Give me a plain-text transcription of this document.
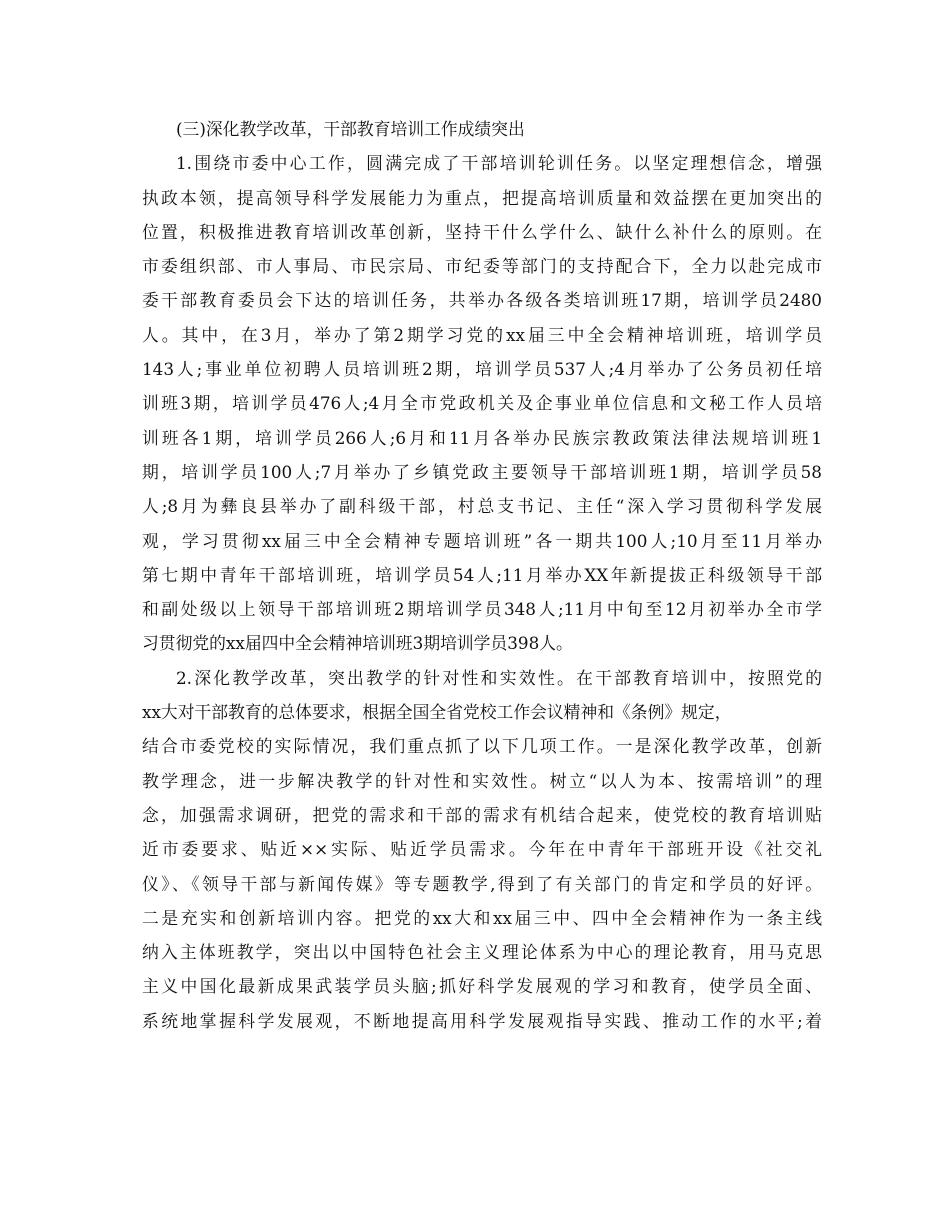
(三)深化教学改革，干部教育培训工作成绩突出

1.围绕市委中心工作，圆满完成了干部培训轮训任务。以坚定理想信念，增强
执政本领，提高领导科学发展能力为重点，把提高培训质量和效益摆在更加突出的
位置，积极推进教育培训改革创新，坚持干什么学什么、缺什么补什么的原则。在
市委组织部、市人事局、市民宗局、市纪委等部门的支持配合下，全力以赴完成市
委干部教育委员会下达的培训任务，共举办各级各类培训班17期，培训学员2480
人。其中，在3月，举办了第2期学习党的xx届三中全会精神培训班，培训学员
143人;事业单位初聘人员培训班2期，培训学员537人;4月举办了公务员初任培
训班3期，培训学员476人;4月全市党政机关及企事业单位信息和文秘工作人员培
训班各1期，培训学员266人;6月和11月各举办民族宗教政策法律法规培训班1
期，培训学员100人;7月举办了乡镇党政主要领导干部培训班1期，培训学员58
人;8月为彝良县举办了副科级干部，村总支书记、主任“深入学习贯彻科学发展
观，学习贯彻xx届三中全会精神专题培训班”各一期共100人;10月至11月举办
第七期中青年干部培训班，培训学员54人;11月举办XX年新提拔正科级领导干部
和副处级以上领导干部培训班2期培训学员348人;11月中旬至12月初举办全市学
习贯彻党的xx届四中全会精神培训班3期培训学员398人。
2.深化教学改革，突出教学的针对性和实效性。在干部教育培训中，按照党的
xx大对干部教育的总体要求，根据全国全省党校工作会议精神和《条例》规定，
结合市委党校的实际情况，我们重点抓了以下几项工作。一是深化教学改革，创新
教学理念，进一步解决教学的针对性和实效性。树立“以人为本、按需培训”的理
念，加强需求调研，把党的需求和干部的需求有机结合起来，使党校的教育培训贴
近市委要求、贴近××实际、贴近学员需求。今年在中青年干部班开设《社交礼
仪》、《领导干部与新闻传媒》等专题教学,得到了有关部门的肯定和学员的好评。
二是充实和创新培训内容。把党的xx大和xx届三中、四中全会精神作为一条主线
纳入主体班教学，突出以中国特色社会主义理论体系为中心的理论教育，用马克思
主义中国化最新成果武装学员头脑;抓好科学发展观的学习和教育，使学员全面、
系统地掌握科学发展观，不断地提高用科学发展观指导实践、推动工作的水平;着
